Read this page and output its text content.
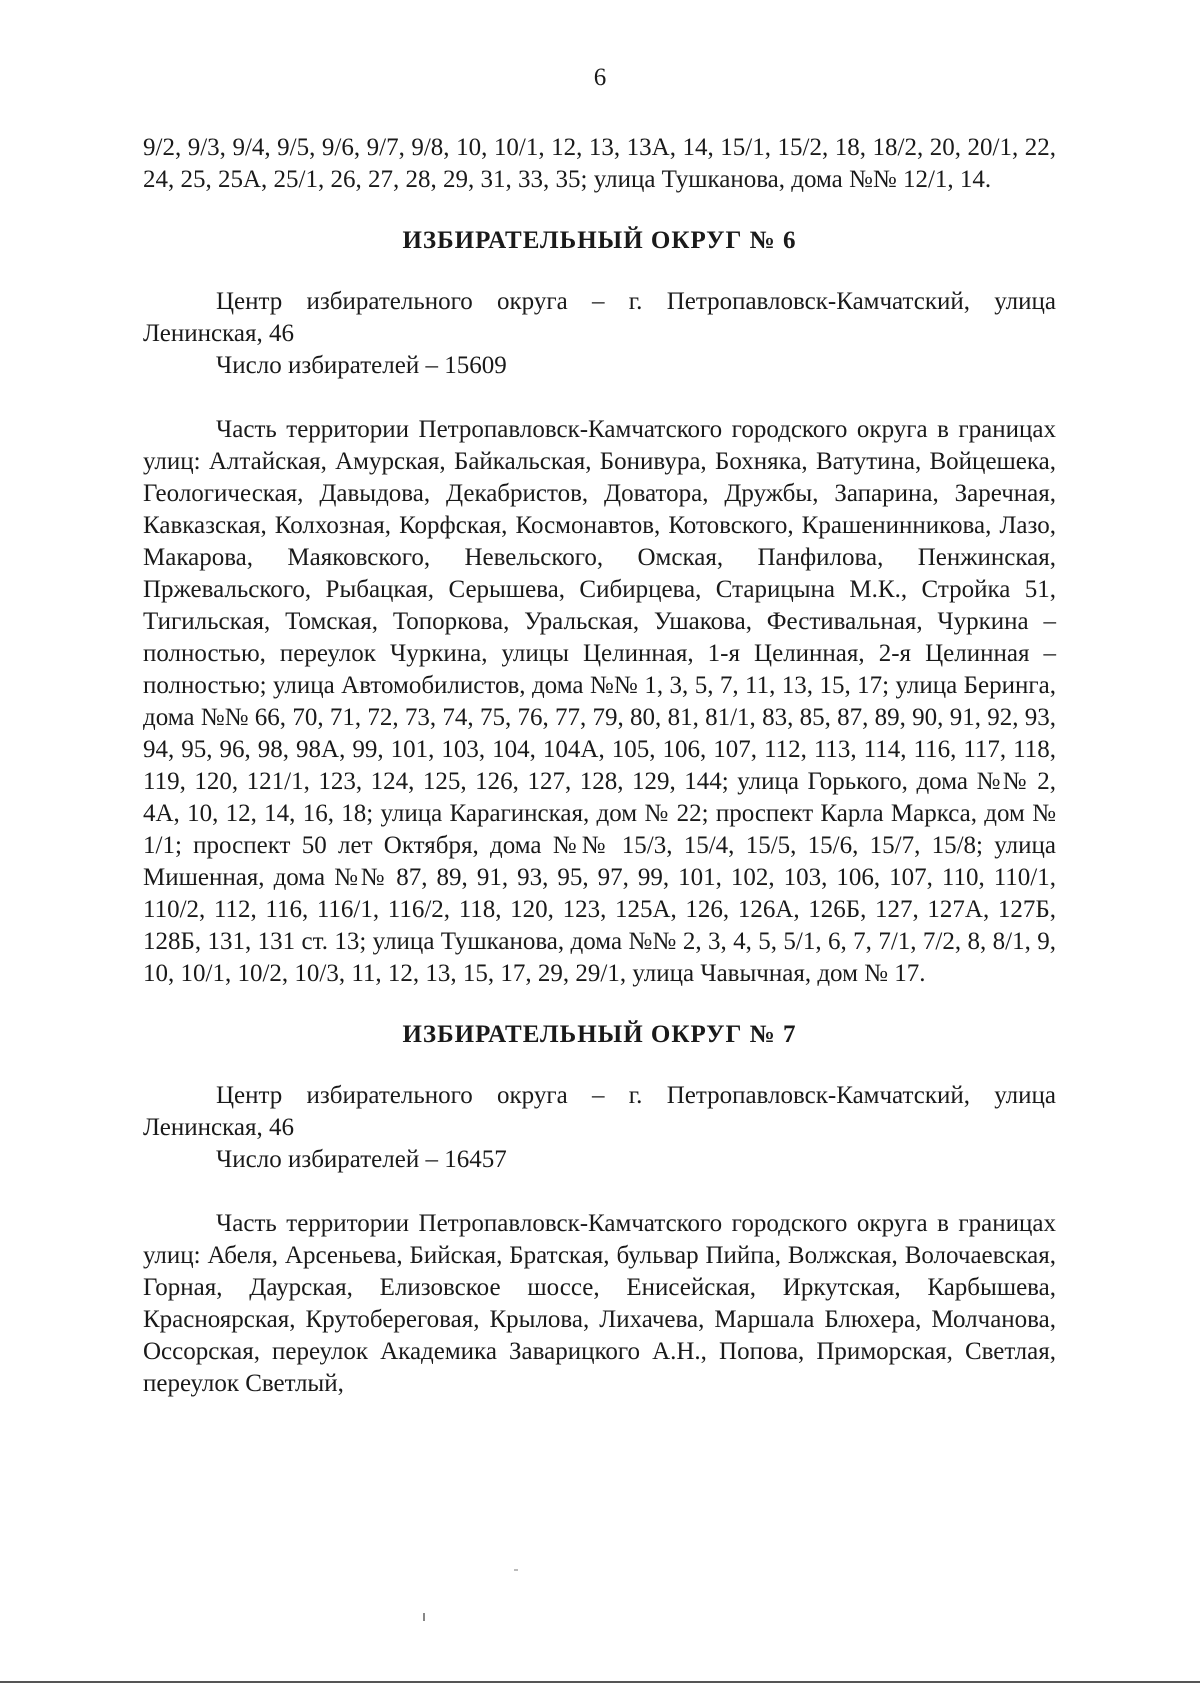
6

9/2, 9/3, 9/4, 9/5, 9/6, 9/7, 9/8, 10, 10/1, 12, 13, 13А, 14, 15/1, 15/2, 18, 18/2, 20, 20/1, 22, 24, 25, 25А, 25/1, 26, 27, 28, 29, 31, 33, 35; улица Тушканова, дома №№ 12/1, 14.

ИЗБИРАТЕЛЬНЫЙ ОКРУГ № 6

Центр избирательного округа – г. Петропавловск-Камчатский, улица Ленинская, 46

Число избирателей – 15609

Часть территории Петропавловск-Камчатского городского округа в границах улиц: Алтайская, Амурская, Байкальская, Бонивура, Бохняка, Ватутина, Войцешека, Геологическая, Давыдова, Декабристов, Доватора, Дружбы, Запарина, Заречная, Кавказская, Колхозная, Корфская, Космонавтов, Котовского, Крашенинникова, Лазо, Макарова, Маяковского, Невельского, Омская, Панфилова, Пенжинская, Пржевальского, Рыбацкая, Серышева, Сибирцева, Старицына М.К., Стройка 51, Тигильская, Томская, Топоркова, Уральская, Ушакова, Фестивальная, Чуркина – полностью, переулок Чуркина, улицы Целинная, 1-я Целинная, 2-я Целинная – полностью; улица Автомобилистов, дома №№ 1, 3, 5, 7, 11, 13, 15, 17; улица Беринга, дома №№ 66, 70, 71, 72, 73, 74, 75, 76, 77, 79, 80, 81, 81/1, 83, 85, 87, 89, 90, 91, 92, 93, 94, 95, 96, 98, 98А, 99, 101, 103, 104, 104А, 105, 106, 107, 112, 113, 114, 116, 117, 118, 119, 120, 121/1, 123, 124, 125, 126, 127, 128, 129, 144; улица Горького, дома №№ 2, 4А, 10, 12, 14, 16, 18; улица Карагинская, дом № 22; проспект Карла Маркса, дом № 1/1; проспект 50 лет Октября, дома №№ 15/3, 15/4, 15/5, 15/6, 15/7, 15/8; улица Мишенная, дома №№ 87, 89, 91, 93, 95, 97, 99, 101, 102, 103, 106, 107, 110, 110/1, 110/2, 112, 116, 116/1, 116/2, 118, 120, 123, 125А, 126, 126А, 126Б, 127, 127А, 127Б, 128Б, 131, 131 ст. 13; улица Тушканова, дома №№ 2, 3, 4, 5, 5/1, 6, 7, 7/1, 7/2, 8, 8/1, 9, 10, 10/1, 10/2, 10/3, 11, 12, 13, 15, 17, 29, 29/1, улица Чавычная, дом № 17.

ИЗБИРАТЕЛЬНЫЙ ОКРУГ № 7

Центр избирательного округа – г. Петропавловск-Камчатский, улица Ленинская, 46

Число избирателей – 16457

Часть территории Петропавловск-Камчатского городского округа в границах улиц: Абеля, Арсеньева, Бийская, Братская, бульвар Пийпа, Волжская, Волочаевская, Горная, Даурская, Елизовское шоссе, Енисейская, Иркутская, Карбышева, Красноярская, Крутобереговая, Крылова, Лихачева, Маршала Блюхера, Молчанова, Оссорская, переулок Академика Заварицкого А.Н., Попова, Приморская, Светлая, переулок Светлый,
